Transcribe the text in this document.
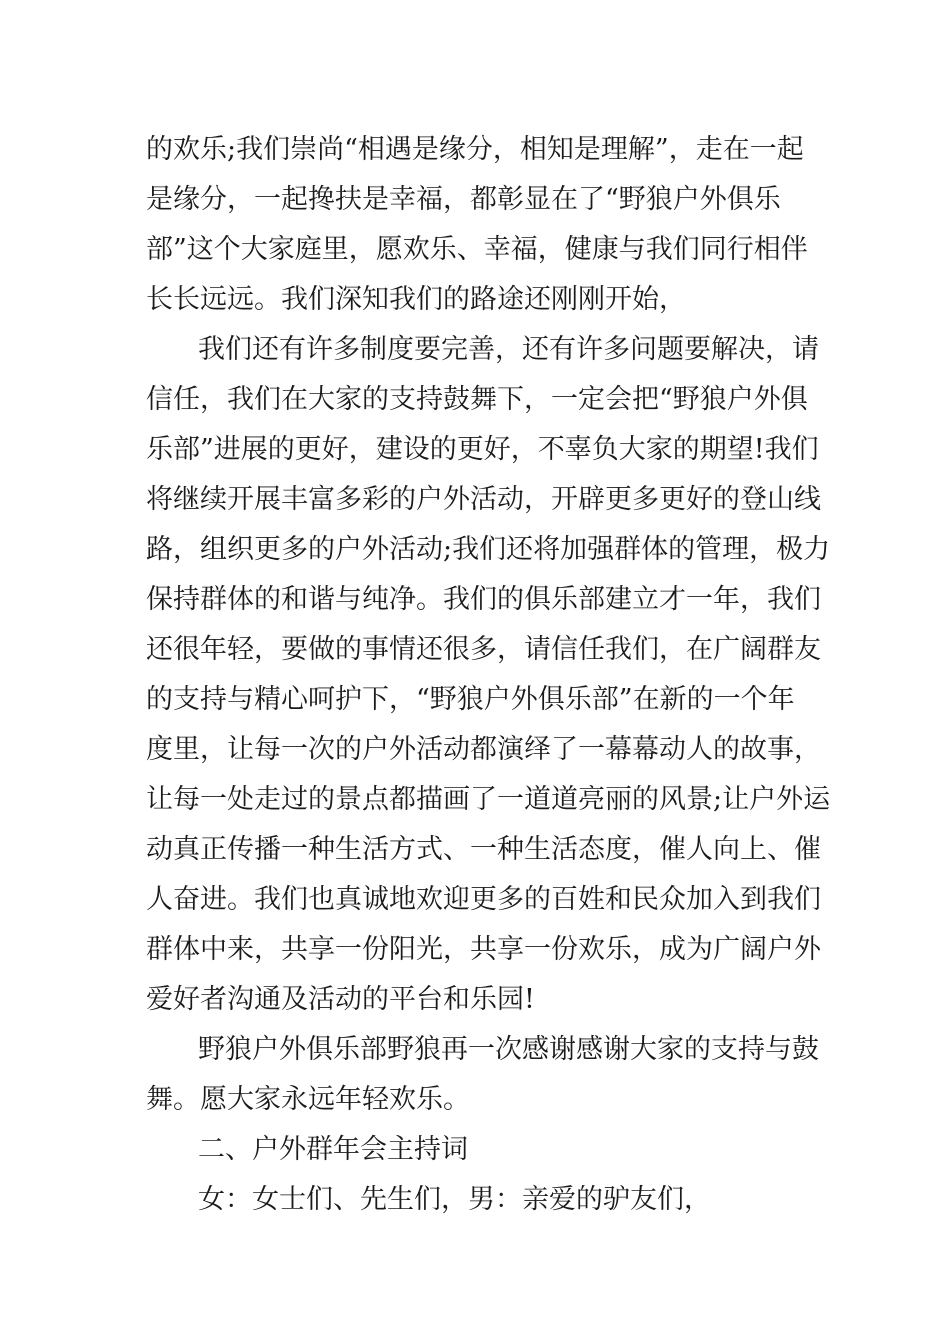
的欢乐;我们崇尚“相遇是缘分，相知是理解”，走在一起
是缘分，一起搀扶是幸福，都彰显在了“野狼户外俱乐
部”这个大家庭里，愿欢乐、幸福，健康与我们同行相伴
长长远远。我们深知我们的路途还刚刚开始，
我们还有许多制度要完善，还有许多问题要解决，请
信任，我们在大家的支持鼓舞下，一定会把“野狼户外俱
乐部”进展的更好，建设的更好，不辜负大家的期望!我们
将继续开展丰富多彩的户外活动，开辟更多更好的登山线
路，组织更多的户外活动;我们还将加强群体的管理，极力
保持群体的和谐与纯净。我们的俱乐部建立才一年，我们
还很年轻，要做的事情还很多，请信任我们，在广阔群友
的支持与精心呵护下，“野狼户外俱乐部”在新的一个年
度里，让每一次的户外活动都演绎了一幕幕动人的故事，
让每一处走过的景点都描画了一道道亮丽的风景;让户外运
动真正传播一种生活方式、一种生活态度，催人向上、催
人奋进。我们也真诚地欢迎更多的百姓和民众加入到我们
群体中来，共享一份阳光，共享一份欢乐，成为广阔户外
爱好者沟通及活动的平台和乐园!
野狼户外俱乐部野狼再一次感谢感谢大家的支持与鼓
舞。愿大家永远年轻欢乐。
二、户外群年会主持词
女：女士们、先生们，男：亲爱的驴友们，
